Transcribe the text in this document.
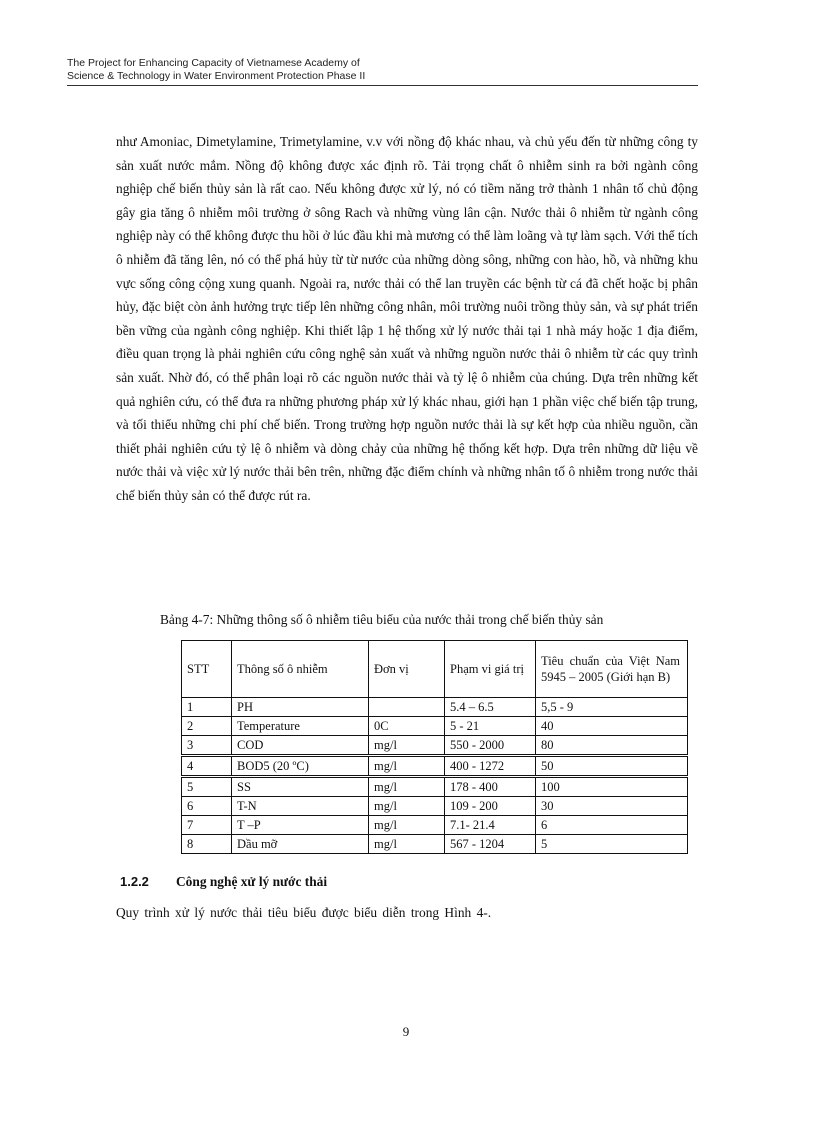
The Project for Enhancing Capacity of Vietnamese Academy of
Science & Technology in Water Environment Protection Phase II

như Amoniac, Dimetylamine, Trimetylamine, v.v với nồng độ khác nhau, và chủ yếu đến từ những công ty sản xuất nước mắm. Nồng độ không được xác định rõ. Tải trọng chất ô nhiễm sinh ra bởi ngành công nghiệp chế biến thủy sản là rất cao. Nếu không được xử lý, nó có tiềm năng trở thành 1 nhân tố chủ động gây gia tăng ô nhiễm môi trường ở sông Rach và những vùng lân cận. Nước thải ô nhiễm từ ngành công nghiệp này có thể không được thu hồi ở lúc đầu khi mà mương có thể làm loãng và tự làm sạch. Với thể tích ô nhiễm đã tăng lên, nó có thể phá hủy từ từ nước của những dòng sông, những con hào, hồ, và những khu vực sống công cộng xung quanh. Ngoài ra, nước thải có thể lan truyền các bệnh từ cá đã chết hoặc bị phân hủy, đặc biệt còn ảnh hưởng trực tiếp lên những công nhân, môi trường nuôi trồng thủy sản, và sự phát triển bền vững của ngành công nghiệp. Khi thiết lập 1 hệ thống xử lý nước thải tại 1 nhà máy hoặc 1 địa điểm, điều quan trọng là phải nghiên cứu công nghệ sản xuất và những nguồn nước thải ô nhiễm từ các quy trình sản xuất. Nhờ đó, có thể phân loại rõ các nguồn nước thải và tỷ lệ ô nhiễm của chúng. Dựa trên những kết quả nghiên cứu, có thể đưa ra những phương pháp xử lý khác nhau, giới hạn 1 phần việc chế biến tập trung, và tối thiểu những chi phí chế biến. Trong trường hợp nguồn nước thải là sự kết hợp của nhiều nguồn, cần thiết phải nghiên cứu tỷ lệ ô nhiễm và dòng chảy của những hệ thống kết hợp. Dựa trên những dữ liệu về nước thải và việc xử lý nước thải bên trên, những đặc điểm chính và những nhân tố ô nhiễm trong nước thải chế biến thủy sản có thể được rút ra.

Bảng 4-7: Những thông số ô nhiễm tiêu biểu của nước thải trong chế biến thủy sản
STT	Thông số ô nhiễm	Đơn vị	Phạm vi giá trị	Tiêu chuẩn của Việt Nam 5945 – 2005 (Giới hạn B)
1	PH		5.4 – 6.5	5,5 - 9
2	Temperature	0C	5 - 21	40
3	COD	mg/l	550 - 2000	80
4	BOD5 (20 ºC)	mg/l	400 - 1272	50
5	SS	mg/l	178 - 400	100
6	T-N	mg/l	109 - 200	30
7	T –P	mg/l	7.1- 21.4	6
8	Dầu mỡ	mg/l	567 - 1204	5
1.2.2 Công nghệ xử lý nước thải
Quy trình xử lý nước thải tiêu biểu được biểu diễn trong Hình 4-.
9
